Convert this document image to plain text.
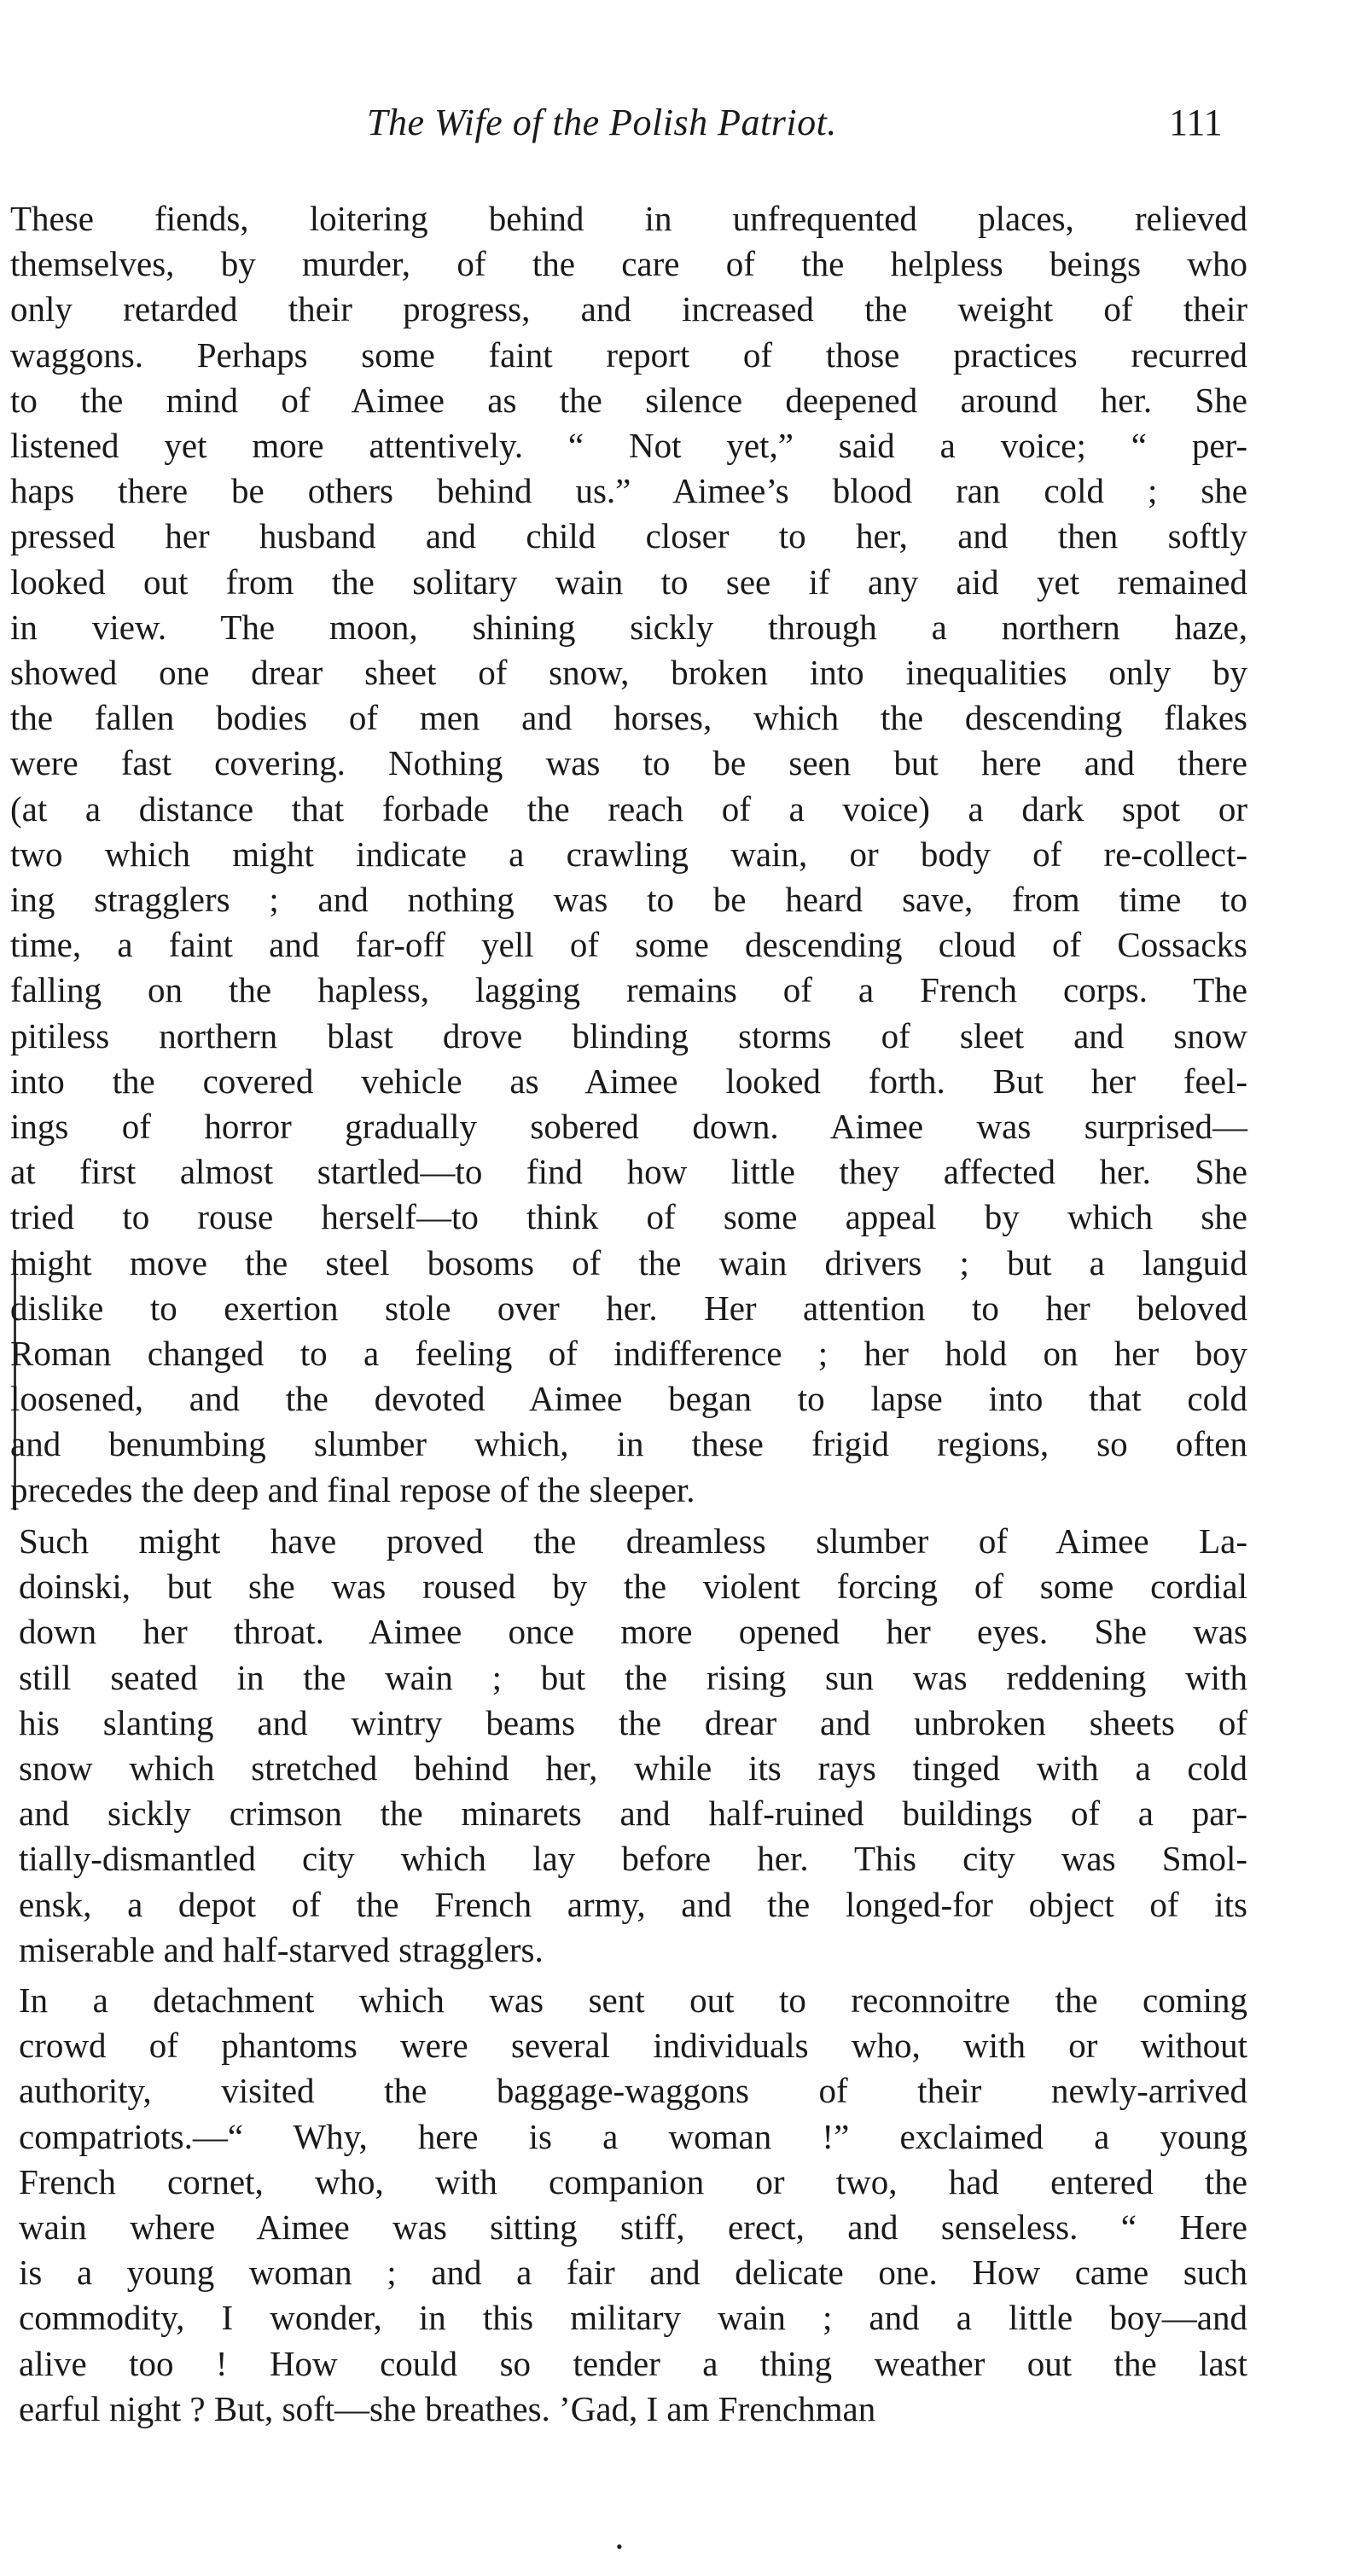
The Wife of the Polish Patriot.	111
These fiends, loitering behind in unfrequented places, relieved
themselves, by murder, of the care of the helpless beings who
only retarded their progress, and increased the weight of their
waggons. Perhaps some faint report of those practices recurred
to the mind of Aimee as the silence deepened around her. She
listened yet more attentively. “ Not yet,” said a voice; “ per-
haps there be others behind us.” Aimee’s blood ran cold ; she
pressed her husband and child closer to her, and then softly
looked out from the solitary wain to see if any aid yet remained
in view. The moon, shining sickly through a northern haze,
showed one drear sheet of snow, broken into inequalities only by
the fallen bodies of men and horses, which the descending flakes
were fast covering. Nothing was to be seen but here and there
(at a distance that forbade the reach of a voice) a dark spot or
two which might indicate a crawling wain, or body of re-collect-
ing stragglers ; and nothing was to be heard save, from time to
time, a faint and far-off yell of some descending cloud of Cossacks
falling on the hapless, lagging remains of a French corps. The
pitiless northern blast drove blinding storms of sleet and snow
into the covered vehicle as Aimee looked forth. But her feel-
ings of horror gradually sobered down. Aimee was surprised—
at first almost startled—to find how little they affected her. She
tried to rouse herself—to think of some appeal by which she
might move the steel bosoms of the wain drivers ; but a languid
dislike to exertion stole over her. Her attention to her beloved
Roman changed to a feeling of indifference ; her hold on her boy
loosened, and the devoted Aimee began to lapse into that cold
and benumbing slumber which, in these frigid regions, so often
precedes the deep and final repose of the sleeper.
Such might have proved the dreamless slumber of Aimee La-
doinski, but she was roused by the violent forcing of some cordial
down her throat. Aimee once more opened her eyes. She was
still seated in the wain ; but the rising sun was reddening with
his slanting and wintry beams the drear and unbroken sheets of
snow which stretched behind her, while its rays tinged with a cold
and sickly crimson the minarets and half-ruined buildings of a par-
tially-dismantled city which lay before her. This city was Smol-
ensk, a depot of the French army, and the longed-for object of its
miserable and half-starved stragglers.
In a detachment which was sent out to reconnoitre the coming
crowd of phantoms were several individuals who, with or without
authority, visited the baggage-waggons of their newly-arrived
compatriots.—“ Why, here is a woman !” exclaimed a young
French cornet, who, with companion or two, had entered the
wain where Aimee was sitting stiff, erect, and senseless. “ Here
is a young woman ; and a fair and delicate one. How came such
commodity, I wonder, in this military wain ; and a little boy—and
alive too ! How could so tender a thing weather out the last
earful night ? But, soft—she breathes. ’Gad, I am Frenchman
•
